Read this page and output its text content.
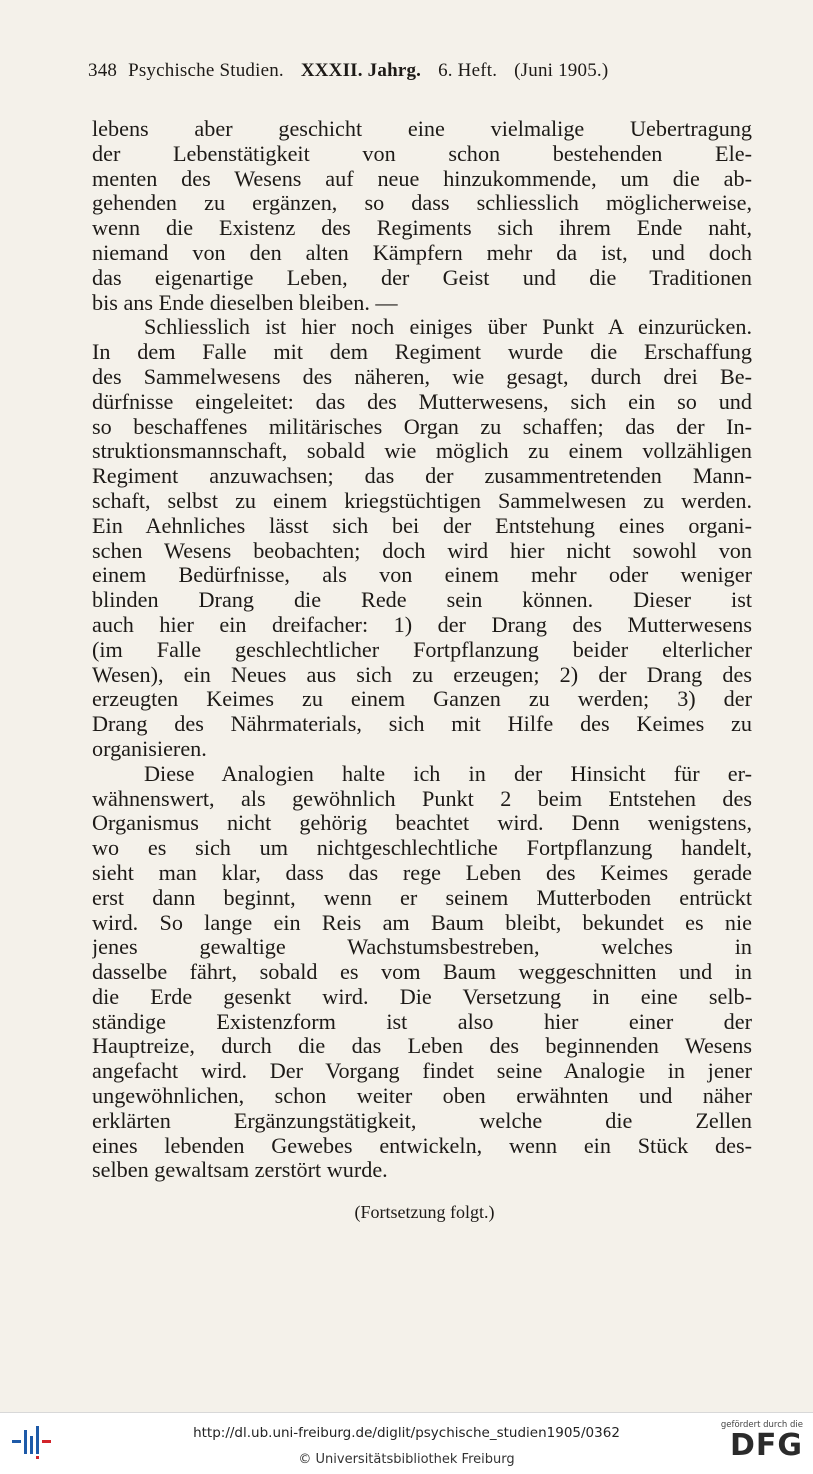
348 Psychische Studien. XXXII. Jahrg. 6. Heft. (Juni 1905.)
lebens aber geschicht eine vielmalige Uebertragung
der Lebenstätigkeit von schon bestehenden Ele-
menten des Wesens auf neue hinzukommende, um die ab-
gehenden zu ergänzen, so dass schliesslich möglicherweise,
wenn die Existenz des Regiments sich ihrem Ende naht,
niemand von den alten Kämpfern mehr da ist, und doch
das eigenartige Leben, der Geist und die Traditionen
bis ans Ende dieselben bleiben. —
Schliesslich ist hier noch einiges über Punkt A einzurücken.
In dem Falle mit dem Regiment wurde die Erschaffung
des Sammelwesens des näheren, wie gesagt, durch drei Be-
dürfnisse eingeleitet: das des Mutterwesens, sich ein so und
so beschaffenes militärisches Organ zu schaffen; das der In-
struktionsmannschaft, sobald wie möglich zu einem vollzähligen
Regiment anzuwachsen; das der zusammentretenden Mann-
schaft, selbst zu einem kriegstüchtigen Sammelwesen zu werden.
Ein Aehnliches lässt sich bei der Entstehung eines organi-
schen Wesens beobachten; doch wird hier nicht sowohl von
einem Bedürfnisse, als von einem mehr oder weniger
blinden Drang die Rede sein können. Dieser ist
auch hier ein dreifacher: 1) der Drang des Mutterwesens
(im Falle geschlechtlicher Fortpflanzung beider elterlicher
Wesen), ein Neues aus sich zu erzeugen; 2) der Drang des
erzeugten Keimes zu einem Ganzen zu werden; 3) der
Drang des Nährmaterials, sich mit Hilfe des Keimes zu
organisieren.
Diese Analogien halte ich in der Hinsicht für er-
wähnenswert, als gewöhnlich Punkt 2 beim Entstehen des
Organismus nicht gehörig beachtet wird. Denn wenigstens,
wo es sich um nichtgeschlechtliche Fortpflanzung handelt,
sieht man klar, dass das rege Leben des Keimes gerade
erst dann beginnt, wenn er seinem Mutterboden entrückt
wird. So lange ein Reis am Baum bleibt, bekundet es nie
jenes gewaltige Wachstumsbestreben, welches in
dasselbe fährt, sobald es vom Baum weggeschnitten und in
die Erde gesenkt wird. Die Versetzung in eine selb-
ständige Existenzform ist also hier einer der
Hauptreize, durch die das Leben des beginnenden Wesens
angefacht wird. Der Vorgang findet seine Analogie in jener
ungewöhnlichen, schon weiter oben erwähnten und näher
erklärten Ergänzungstätigkeit, welche die Zellen
eines lebenden Gewebes entwickeln, wenn ein Stück des-
selben gewaltsam zerstört wurde.
(Fortsetzung folgt.)
http://dl.ub.uni-freiburg.de/diglit/psychische_studien1905/0362
© Universitätsbibliothek Freiburg
gefördert durch die
DFG
